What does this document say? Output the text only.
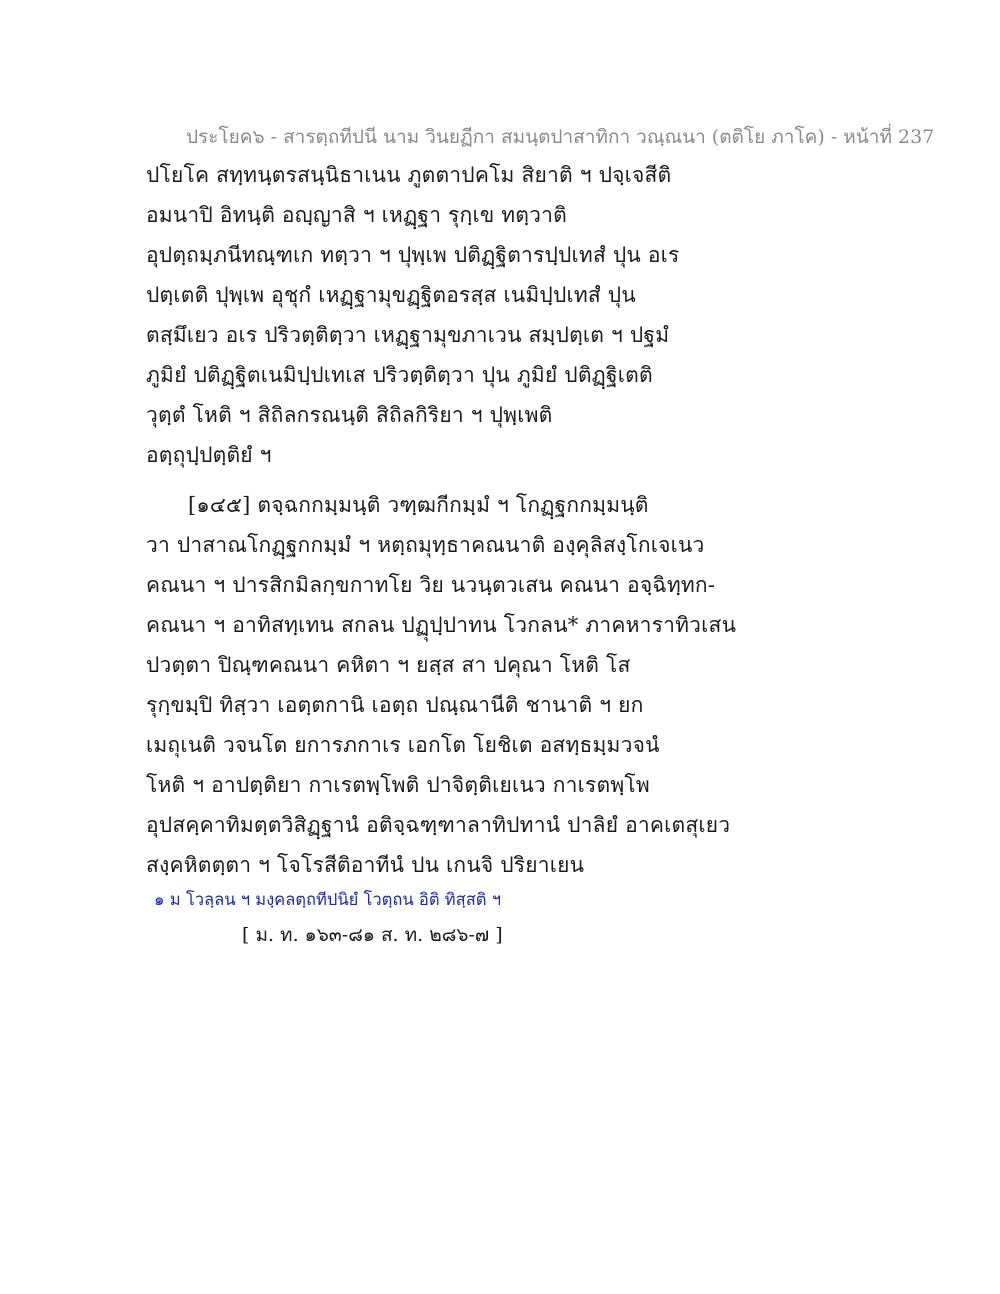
ประโยค๖ - สารตฺถทีปนี นาม วินยฏีกา สมนฺตปาสาทิกา วณฺณนา (ตติโย ภาโค) - หน้าที่ 237
ปโยโค สทฺทนฺตรสนฺนิธาเนน ภูตตาปคโม สิยาติ ฯ ปจฺเจสีติ
อมนาปิ อิทนฺติ อญฺญาสิ ฯ เหฏฺฐา รุกฺเข ทตฺวาติ
อุปตฺถมฺภนีทณฺฑเก ทตฺวา ฯ ปุพฺเพ ปติฏฺฐิตารปฺปเทสํ ปุน อเร
ปตฺเตติ ปุพฺเพ อุชุกํ เหฏฺฐามุขฏฺฐิตอรสฺส เนมิปฺปเทสํ ปุน
ตสฺมึเยว อเร ปริวตฺติตฺวา เหฏฺฐามุขภาเวน สมฺปตฺเต ฯ ปฐมํ
ภูมิยํ ปติฏฺฐิตเนมิปฺปเทเส ปริวตฺติตฺวา ปุน ภูมิยํ ปติฏฺฐิเตติ
วุตฺตํ โหติ ฯ สิถิลกรณนฺติ สิถิลกิริยา ฯ ปุพฺเพติ
อตฺถุปฺปตฺติยํ ฯ
[๑๔๕] ตจฺฉกกมฺมนฺติ วฑฺฒกีกมฺมํ ฯ โกฏฺฐกกมฺมนฺติ
วา ปาสาณโกฏฺฐกกมฺมํ ฯ หตฺถมุทฺธาคณนาติ องฺคุลิสงฺโกเจเนว
คณนา ฯ ปารสิกมิลกฺขกาทโย วิย นวนฺตวเสน คณนา อจฺฉิทฺทก-
คณนา ฯ อาทิสทฺเทน สกลน ปฏุปฺปาทน โวกลน* ภาคหาราทิวเสน
ปวตฺตา ปิณฺฑคณนา คหิตา ฯ ยสฺส สา ปคุณา โหติ โส
รุกฺขมฺปิ ทิสฺวา เอตฺตกานิ เอตฺถ ปณฺณานีติ ชานาติ ฯ ยก
เมถุเนติ วจนโต ยการภกาเร เอกโต โยชิเต อสทฺธมฺมวจนํ
โหติ ฯ อาปตฺติยา กาเรตพฺโพติ ปาจิตฺติเยเนว กาเรตพฺโพ
อุปสคฺคาทิมตฺตวิสิฏฺฐานํ อติจฺฉฑฺฑาลาทิปทานํ ปาลิยํ อาคเตสุเยว
สงฺคหิตตฺตา ฯ โจโรสีติอาทีนํ ปน เกนจิ ปริยาเยน
๑ ม โวลฺลน ฯ มงฺคลตฺถทีปนิยํ โวตฺถน อิติ ทิสฺสติ ฯ
[ ม. ท. ๑๖๓-๘๑ ส. ท. ๒๘๖-๗ ]
